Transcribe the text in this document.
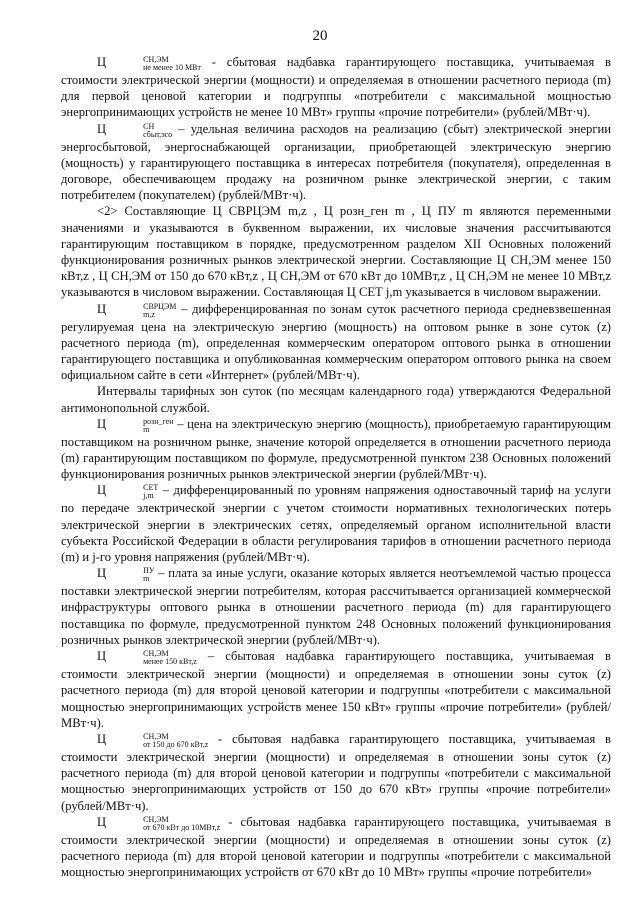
20

Ц	СН,ЭМ
не менее 10 МВт - сбытовая надбавка гарантирующего поставщика, учитываемая в стоимости электрической энергии (мощности) и определяемая в отношении расчетного периода (m) для первой ценовой категории и подгруппы «потребители с максимальной мощностью энергопринимающих устройств не менее 10 МВт» группы «прочие потребители» (рублей/МВт·ч).

Ц	СН
сбыт,эсо – удельная величина расходов на реализацию (сбыт) электрической энергии энергосбытовой, энергоснабжающей организации, приобретающей электрическую энергию (мощность) у гарантирующего поставщика в интересах потребителя (покупателя), определенная в договоре, обеспечивающем продажу на розничном рынке электрической энергии, с таким потребителем (покупателем) (рублей/МВт·ч).

<2> Составляющие Ц СВРЦЭМ m,z , Ц розн_ген m , Ц ПУ m являются переменными значениями и указываются в буквенном выражении, их числовые значения рассчитываются гарантирующим поставщиком в порядке, предусмотренном разделом XII Основных положений функционирования розничных рынков электрической энергии. Составляющие Ц СН,ЭМ менее 150 кВт,z , Ц СН,ЭМ от 150 до 670 кВт,z , Ц СН,ЭМ от 670 кВт до 10МВт,z , Ц СН,ЭМ не менее 10 МВт,z указываются в числовом выражении. Составляющая Ц СЕТ j,m указывается в числовом выражении.

Ц	СВРЦЭМ
m,z	– дифференцированная по зонам суток расчетного периода средневзвешенная регулируемая цена на электрическую энергию (мощность) на оптовом рынке в зоне суток (z) расчетного периода (m), определенная коммерческим оператором оптового рынка в отношении гарантирующего поставщика и опубликованная коммерческим оператором оптового рынка на своем официальном сайте в сети «Интернет» (рублей/МВт·ч).

Интервалы тарифных зон суток (по месяцам календарного года) утверждаются Федеральной антимонопольной службой.

Ц	розн_ген
m	– цена на электрическую энергию (мощность), приобретаемую гарантирующим поставщиком на розничном рынке, значение которой определяется в отношении расчетного периода (m) гарантирующим поставщиком по формуле, предусмотренной пунктом 238 Основных положений функционирования розничных рынков электрической энергии (рублей/МВт·ч).

Ц	СЕТ
j,m – дифференцированный по уровням напряжения одноставочный тариф на услуги по передаче электрической энергии с учетом стоимости нормативных технологических потерь электрической энергии в электрических сетях, определяемый органом исполнительной власти субъекта Российской Федерации в области регулирования тарифов в отношении расчетного периода (m) и j-го уровня напряжения (рублей/МВт·ч).

Ц	ПУ
m – плата за иные услуги, оказание которых является неотъемлемой частью процесса поставки электрической энергии потребителям, которая рассчитывается организацией коммерческой инфраструктуры оптового рынка в отношении расчетного периода (m) для гарантирующего поставщика по формуле, предусмотренной пунктом 248 Основных положений функционирования розничных рынков электрической энергии (рублей/МВт·ч).

Ц	СН,ЭМ
менее 150 кВт,z – сбытовая надбавка гарантирующего поставщика, учитываемая в стоимости электрической энергии (мощности) и определяемая в отношении зоны суток (z) расчетного периода (m) для второй ценовой категории и подгруппы «потребители с максимальной мощностью энергопринимающих устройств менее 150 кВт» группы «прочие потребители» (рублей/МВт·ч).

Ц	СН,ЭМ
от 150 до 670 кВт,z - сбытовая надбавка гарантирующего поставщика, учитываемая в стоимости электрической энергии (мощности) и определяемая в отношении зоны суток (z) расчетного периода (m) для второй ценовой категории и подгруппы «потребители с максимальной мощностью энергопринимающих устройств от 150 до 670 кВт» группы «прочие потребители» (рублей/МВт·ч).

Ц	СН,ЭМ
от 670 кВт до 10МВт,z - сбытовая надбавка гарантирующего поставщика, учитываемая в стоимости электрической энергии (мощности) и определяемая в отношении зоны суток (z) расчетного периода (m) для второй ценовой категории и подгруппы «потребители с максимальной мощностью энергопринимающих устройств от 670 кВт до 10 МВт» группы «прочие потребители»
